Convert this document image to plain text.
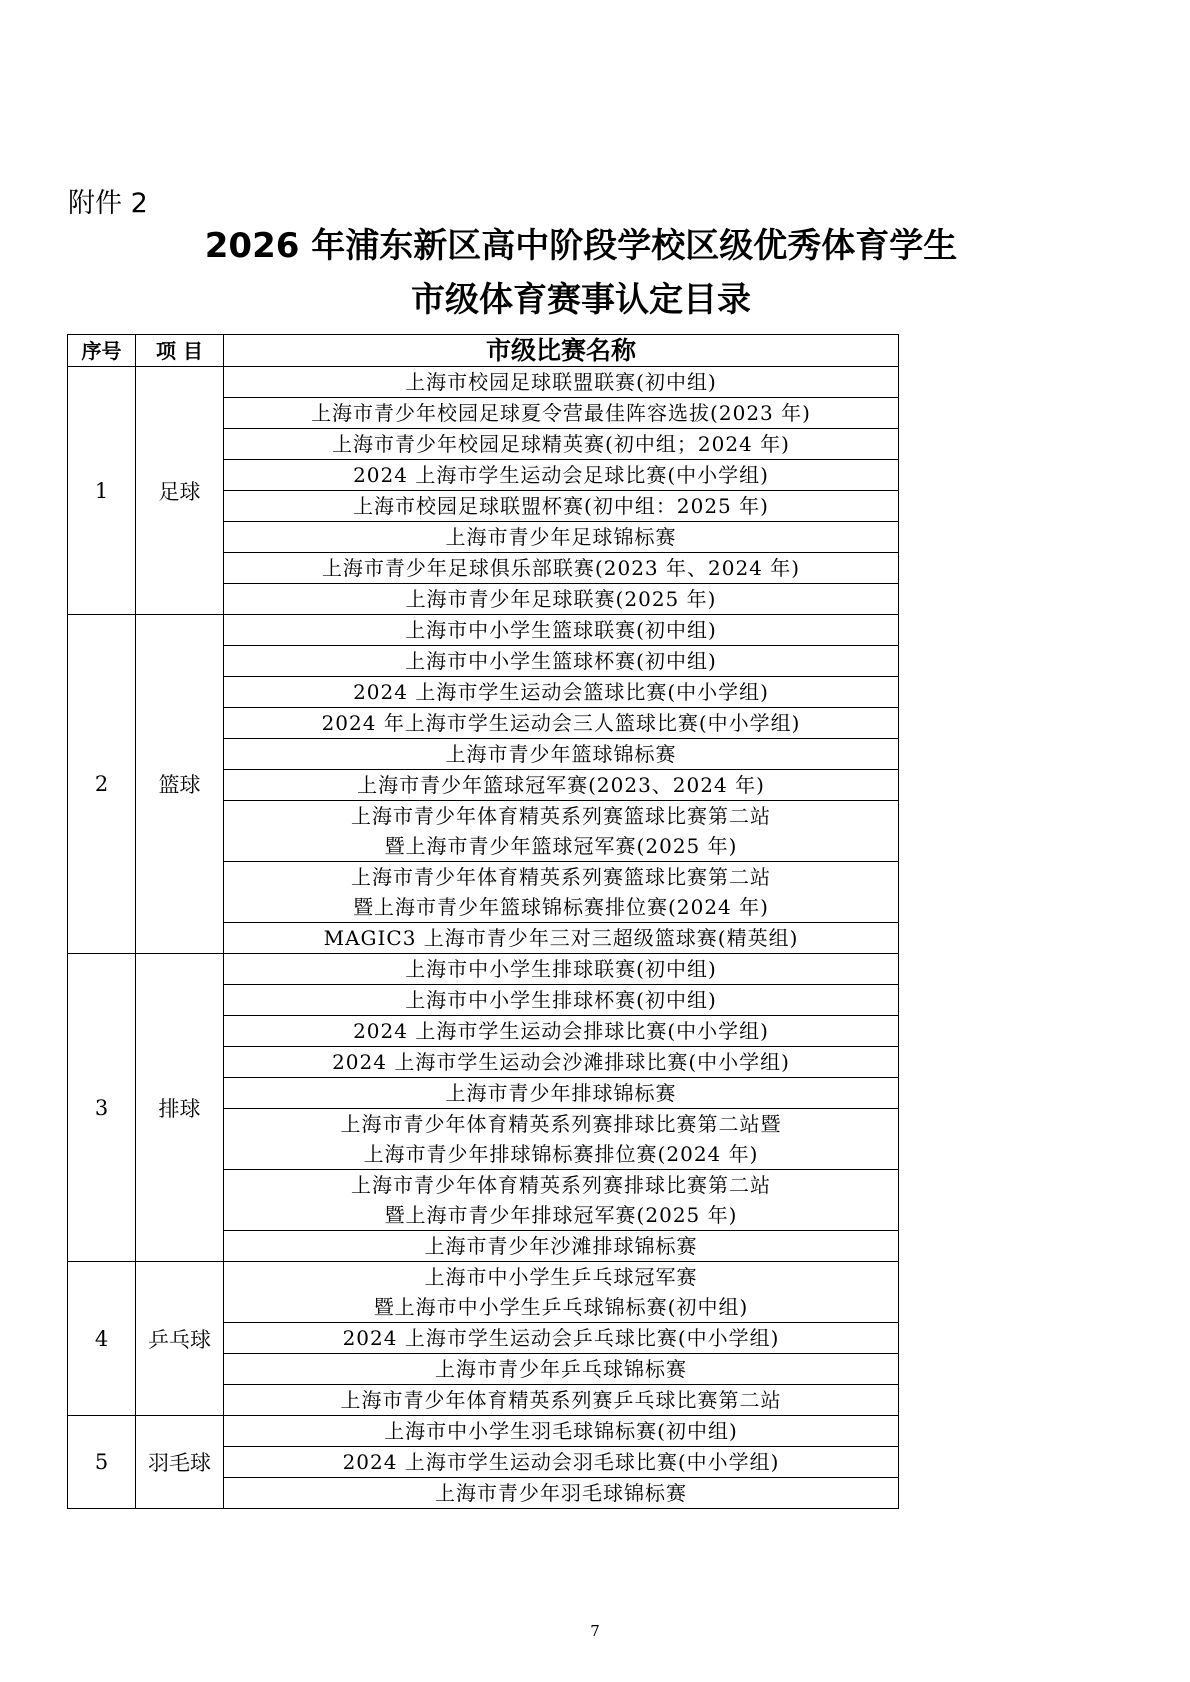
附件 2

2026 年浦东新区高中阶段学校区级优秀体育学生
市级体育赛事认定目录
序号	项 目	市级比赛名称
1	足球	上海市校园足球联盟联赛(初中组)

		上海市青少年校园足球夏令营最佳阵容选拔(2023 年)

		上海市青少年校园足球精英赛(初中组；2024 年)

		2024 上海市学生运动会足球比赛(中小学组)

		上海市校园足球联盟杯赛(初中组：2025 年)

		上海市青少年足球锦标赛

		上海市青少年足球俱乐部联赛(2023 年、2024 年)

		上海市青少年足球联赛(2025 年)

2	篮球	上海市中小学生篮球联赛(初中组)

		上海市中小学生篮球杯赛(初中组)

		2024 上海市学生运动会篮球比赛(中小学组)

		2024 年上海市学生运动会三人篮球比赛(中小学组)

		上海市青少年篮球锦标赛

		上海市青少年篮球冠军赛(2023、2024 年)

		上海市青少年体育精英系列赛篮球比赛第二站
暨上海市青少年篮球冠军赛(2025 年)

		上海市青少年体育精英系列赛篮球比赛第二站
暨上海市青少年篮球锦标赛排位赛(2024 年)

		MAGIC3 上海市青少年三对三超级篮球赛(精英组)

3	排球	上海市中小学生排球联赛(初中组)

		上海市中小学生排球杯赛(初中组)

		2024 上海市学生运动会排球比赛(中小学组)

		2024 上海市学生运动会沙滩排球比赛(中小学组)

		上海市青少年排球锦标赛

		上海市青少年体育精英系列赛排球比赛第二站暨
上海市青少年排球锦标赛排位赛(2024 年)

		上海市青少年体育精英系列赛排球比赛第二站
暨上海市青少年排球冠军赛(2025 年)

		上海市青少年沙滩排球锦标赛

4	乒乓球	上海市中小学生乒乓球冠军赛
暨上海市中小学生乒乓球锦标赛(初中组)

		2024 上海市学生运动会乒乓球比赛(中小学组)

		上海市青少年乒乓球锦标赛

		上海市青少年体育精英系列赛乒乓球比赛第二站

5	羽毛球	上海市中小学生羽毛球锦标赛(初中组)

		2024 上海市学生运动会羽毛球比赛(中小学组)

		上海市青少年羽毛球锦标赛

7
